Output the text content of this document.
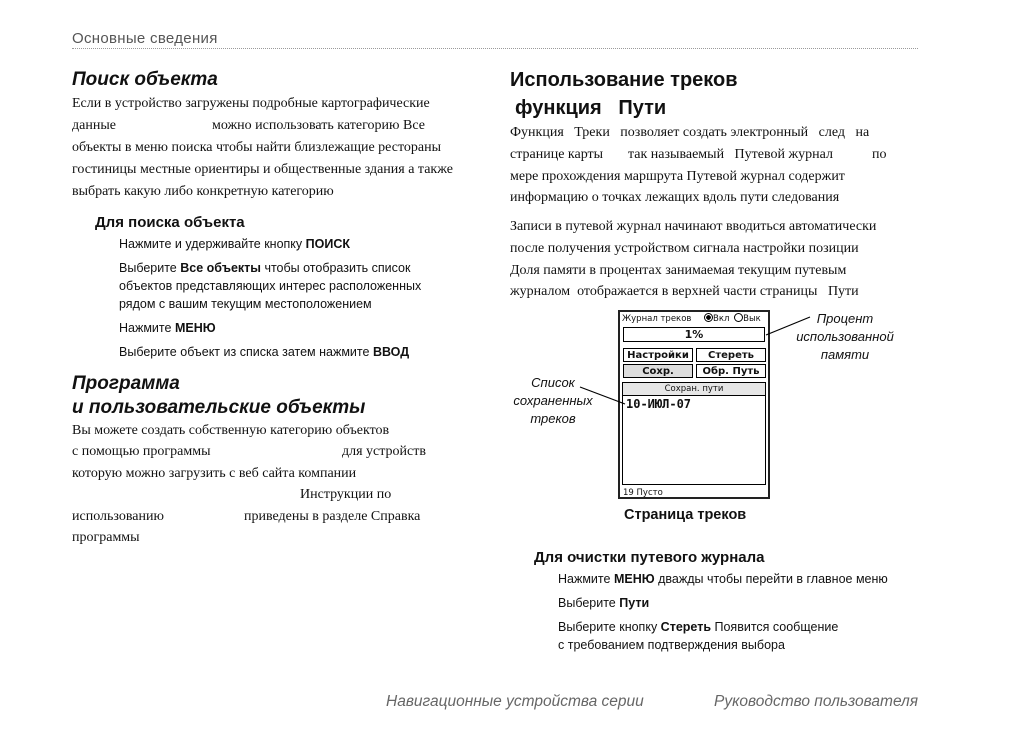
Основные сведения
Поиск объекта
Если в устройство загружены подробные картографические
данные	можно использовать категорию Все
объекты в меню поиска чтобы найти близлежащие рестораны
гостиницы местные ориентиры и общественные здания а также
выбрать какую либо конкретную категорию
Для поиска объекта
Нажмите и удерживайте кнопку ПОИСК
Выберите Все объекты чтобы отобразить список
объектов представляющих интерес расположенных
рядом с вашим текущим местоположением
Нажмите МЕНЮ
Выберите объект из списка затем нажмите ВВОД
Программа
и пользовательские объекты
Вы можете создать собственную категорию объектов
с помощью программы	для устройств
которую можно загрузить с веб сайта компании
Инструкции по
использованию	приведены в разделе Справка
программы
Использование треков
функция   Пути
Функция   Треки   позволяет создать электронный   след   на
странице карты так называемый   Путевой журнал	по
мере прохождения маршрута Путевой журнал содержит
информацию о точках лежащих вдоль пути следования
Записи в путевой журнал начинают вводиться автоматически
после получения устройством сигнала настройки позиции
Доля памяти в процентах занимаемая текущим путевым
журналом  отображается в верхней части страницы   Пути
Журнал треков	Вкл Вык
1%
Настройки	Стереть
Сохр.	Обр. Путь
Сохран. пути
10-ИЮЛ-07
19 Пусто
Процент
использованной
памяти
Список
сохраненных
треков
Страница треков
Для очистки путевого журнала
Нажмите МЕНЮ дважды чтобы перейти в главное меню
Выберите Пути
Выберите кнопку Стереть Появится сообщение
с требованием подтверждения выбора
Навигационные устройства серии	Руководство пользователя
